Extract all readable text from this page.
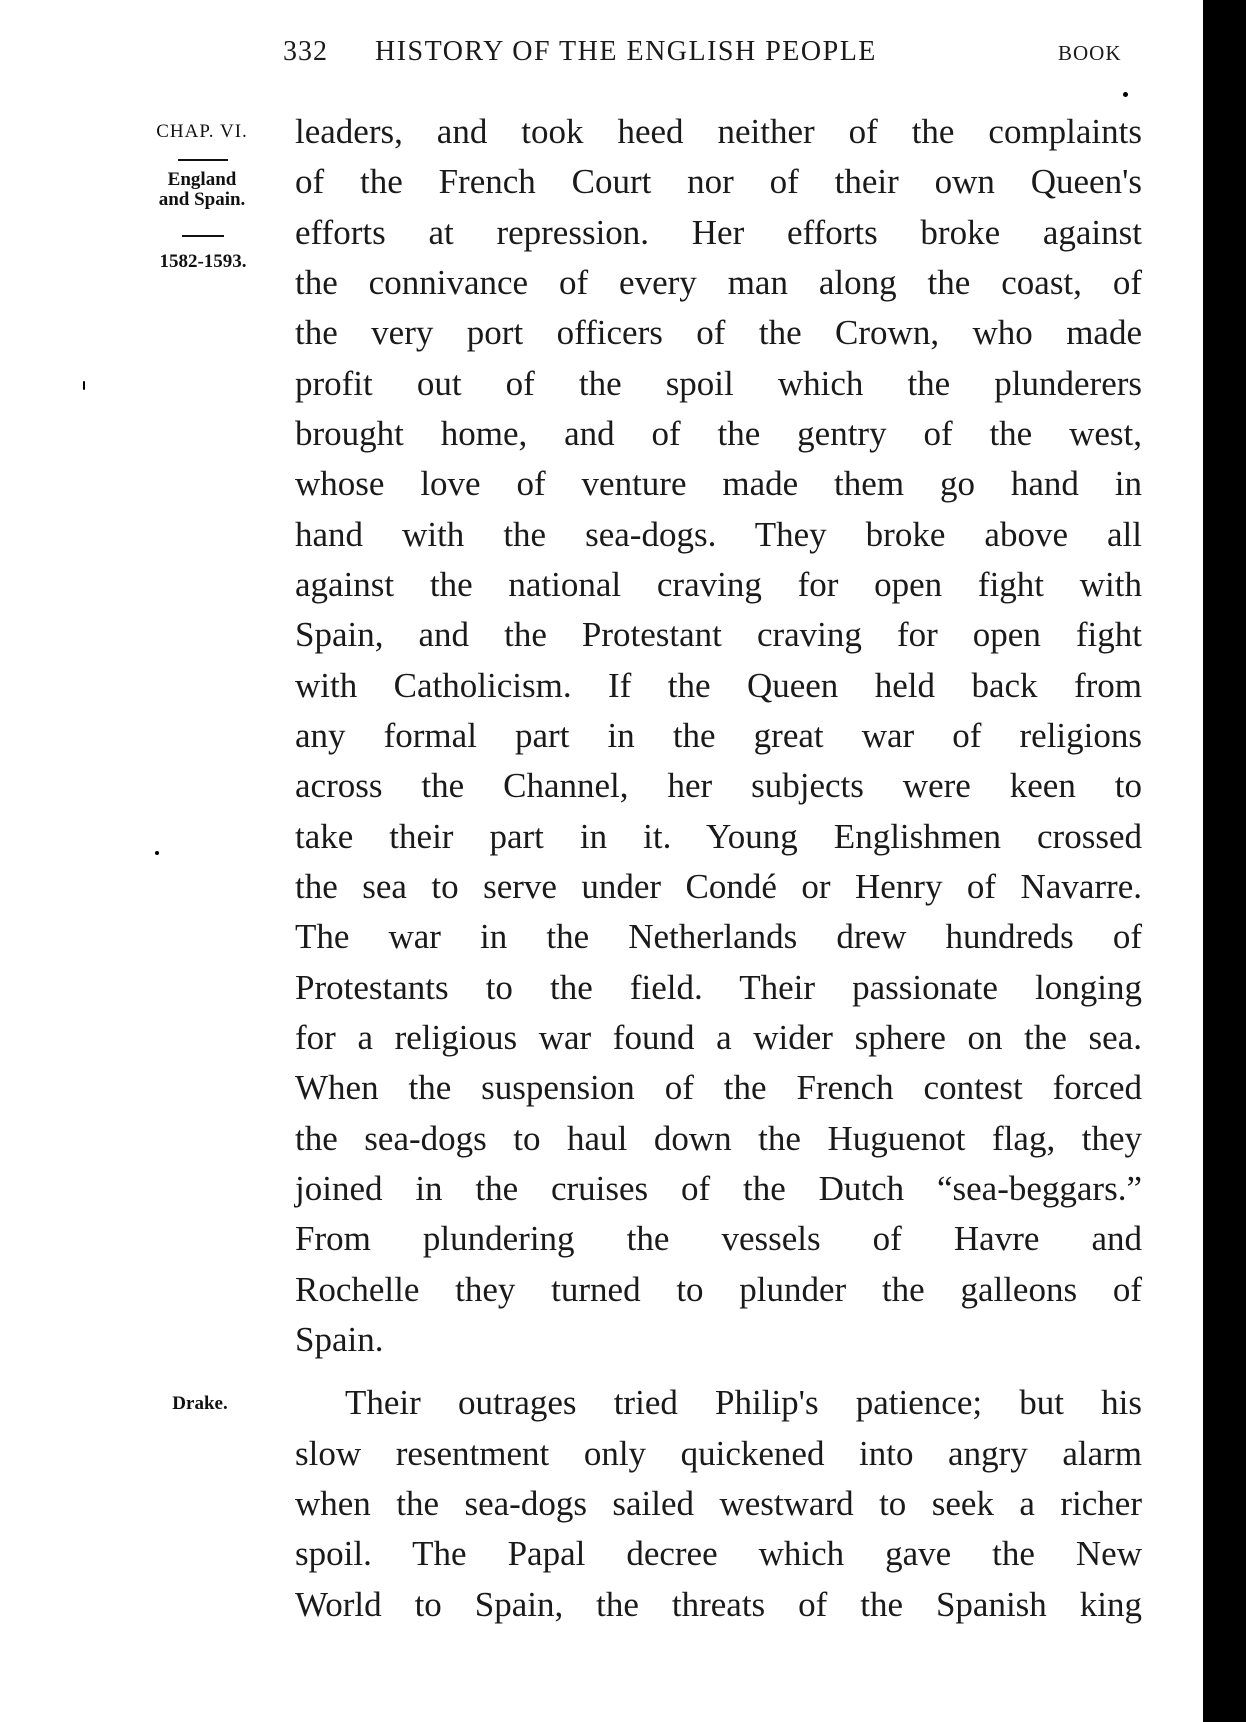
332 HISTORY OF THE ENGLISH PEOPLE	BOOK
CHAP. VI.
England
and Spain.
1582-1593.
Drake.
leaders, and took heed neither of the complaints
of the French Court nor of their own Queen's
efforts at repression. Her efforts broke against
the connivance of every man along the coast, of
the very port officers of the Crown, who made
profit out of the spoil which the plunderers
brought home, and of the gentry of the west,
whose love of venture made them go hand in
hand with the sea-dogs. They broke above all
against the national craving for open fight with
Spain, and the Protestant craving for open fight
with Catholicism. If the Queen held back from
any formal part in the great war of religions
across the Channel, her subjects were keen to
take their part in it. Young Englishmen crossed
the sea to serve under Condé or Henry of Navarre.
The war in the Netherlands drew hundreds of
Protestants to the field. Their passionate longing
for a religious war found a wider sphere on the sea.
When the suspension of the French contest forced
the sea-dogs to haul down the Huguenot flag, they
joined in the cruises of the Dutch “sea-beggars.”
From plundering the vessels of Havre and
Rochelle they turned to plunder the galleons of
Spain.
Their outrages tried Philip's patience; but his
slow resentment only quickened into angry alarm
when the sea-dogs sailed westward to seek a richer
spoil. The Papal decree which gave the New
World to Spain, the threats of the Spanish king
